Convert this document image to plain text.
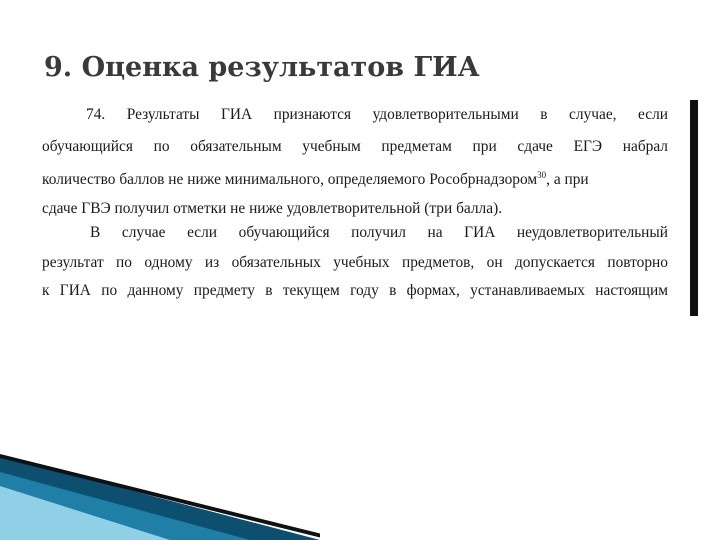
9. Оценка результатов ГИА
74. Результаты ГИА признаются удовлетворительными в случае, если
обучающийся по обязательным учебным предметам при сдаче ЕГЭ набрал
количество баллов не ниже минимального, определяемого Рособрнадзором$^{30}$, а при
сдаче ГВЭ получил отметки не ниже удовлетворительной (три балла).
В случае если обучающийся получил на ГИА неудовлетворительный
результат по одному из обязательных учебных предметов, он допускается повторно
к ГИА по данному предмету в текущем году в формах, устанавливаемых настоящим
